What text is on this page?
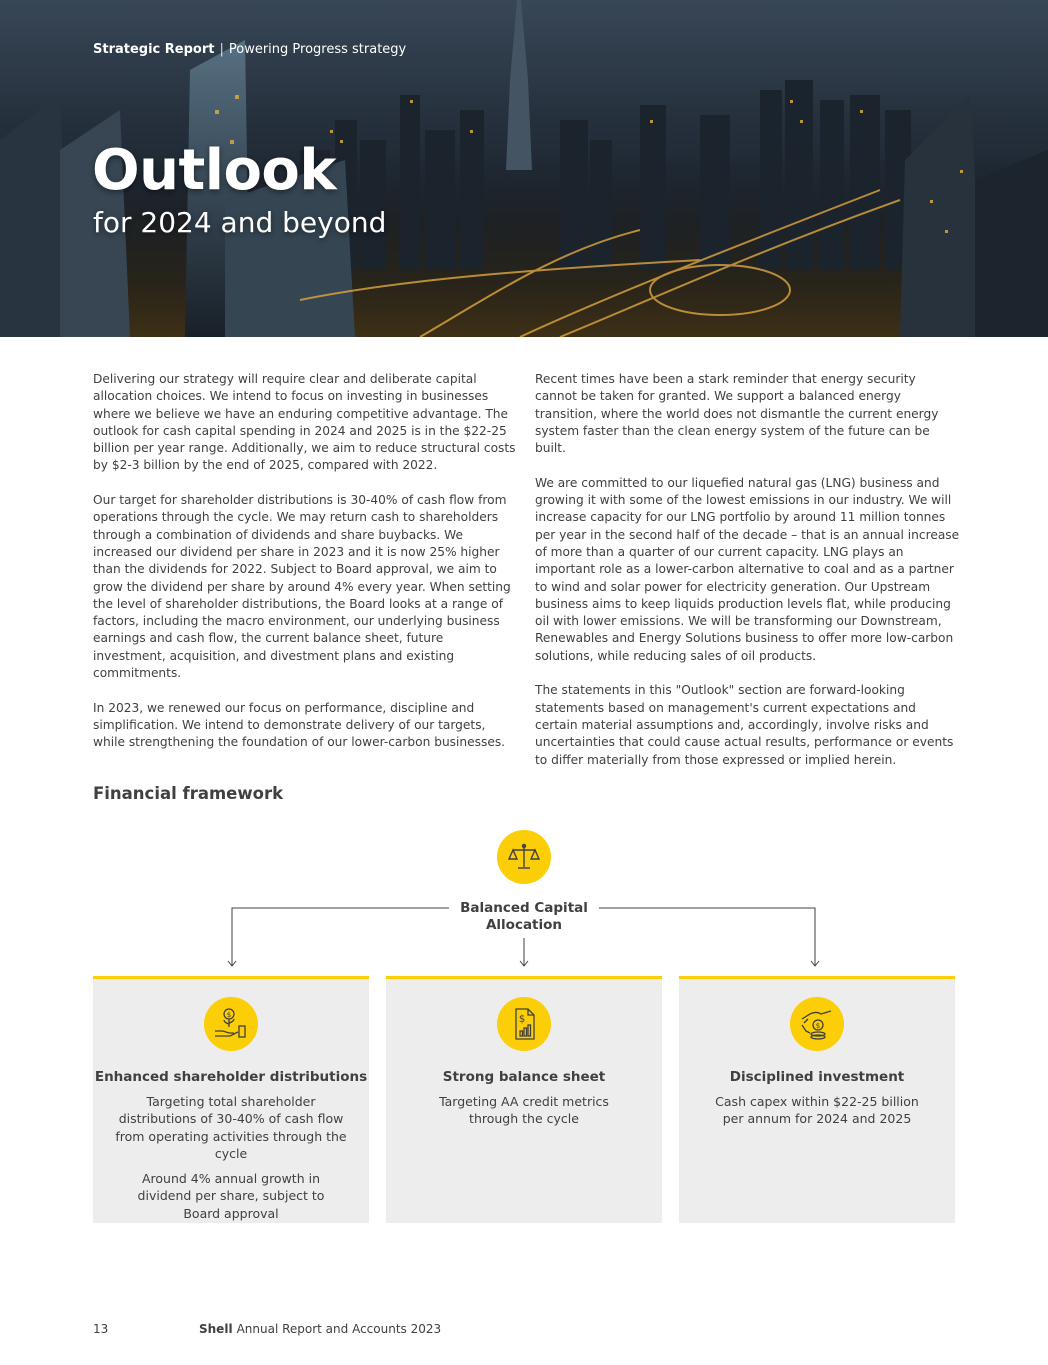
Strategic Report | Powering Progress strategy
Outlook
for 2024 and beyond

Delivering our strategy will require clear and deliberate capital allocation choices. We intend to focus on investing in businesses where we believe we have an enduring competitive advantage. The outlook for cash capital spending in 2024 and 2025 is in the $22-25 billion per year range. Additionally, we aim to reduce structural costs by $2-3 billion by the end of 2025, compared with 2022.

Our target for shareholder distributions is 30-40% of cash flow from operations through the cycle. We may return cash to shareholders through a combination of dividends and share buybacks. We increased our dividend per share in 2023 and it is now 25% higher than the dividends for 2022. Subject to Board approval, we aim to grow the dividend per share by around 4% every year. When setting the level of shareholder distributions, the Board looks at a range of factors, including the macro environment, our underlying business earnings and cash flow, the current balance sheet, future investment, acquisition, and divestment plans and existing commitments.

In 2023, we renewed our focus on performance, discipline and simplification. We intend to demonstrate delivery of our targets, while strengthening the foundation of our lower-carbon businesses.

Recent times have been a stark reminder that energy security cannot be taken for granted. We support a balanced energy transition, where the world does not dismantle the current energy system faster than the clean energy system of the future can be built.

We are committed to our liquefied natural gas (LNG) business and growing it with some of the lowest emissions in our industry. We will increase capacity for our LNG portfolio by around 11 million tonnes per year in the second half of the decade – that is an annual increase of more than a quarter of our current capacity. LNG plays an important role as a lower-carbon alternative to coal and as a partner to wind and solar power for electricity generation. Our Upstream business aims to keep liquids production levels flat, while producing oil with lower emissions. We will be transforming our Downstream, Renewables and Energy Solutions business to offer more low-carbon solutions, while reducing sales of oil products.

The statements in this "Outlook" section are forward-looking statements based on management's current expectations and certain material assumptions and, accordingly, involve risks and uncertainties that could cause actual results, performance or events to differ materially from those expressed or implied herein.

Financial framework
Balanced Capital Allocation
$
Enhanced shareholder distributions
Targeting total shareholder distributions of 30-40% of cash flow from operating activities through the cycle
Around 4% annual growth in dividend per share, subject to Board approval
$
Strong balance sheet
Targeting AA credit metrics through the cycle
$
Disciplined investment
Cash capex within $22-25 billion per annum for 2024 and 2025
13	Shell Annual Report and Accounts 2023
